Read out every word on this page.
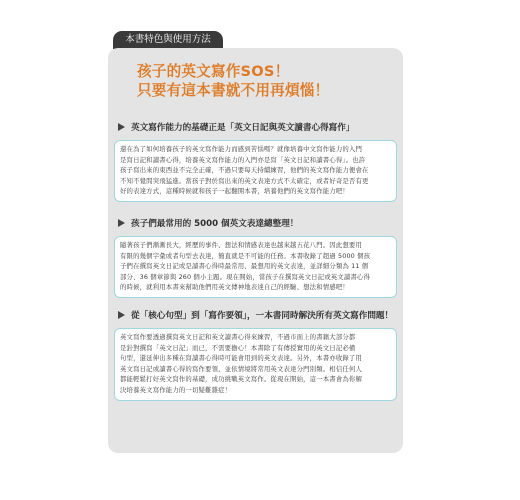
本書特色與使用方法
孩子的英文寫作SOS！
只要有這本書就不用再煩惱！
英文寫作能力的基礎正是「英文日記與英文讀書心得寫作」
還在為了如何培養孩子的英文寫作能力而感到苦惱嗎？就像培養中文寫作能力的入門
是寫日記和讀書心得，培養英文寫作能力的入門亦是寫「英文日記和讀書心得」。也許
孩子寫出來的東西並不完全正確，不過只要每天持續練習，他們的英文寫作能力便會在
不知不覺間突飛猛進。當孩子對於寫出來的英文表達方式不太確定，或者好奇是否有更
好的表達方式，這種時候就和孩子一起翻開本書，培養他們的英文寫作能力吧！
孩子們最常用的 5000 個英文表達總整理！
隨著孩子們漸漸長大，經歷的事件、想法和情感表達也越來越五花八門。因此想要用
有限的幾個字彙或者句型去表達，簡直就是不可能的任務。本書收錄了超過 5000 個孩
子們在撰寫英文日記或是讀書心得時最常用、最想用的英文表達，並詳細分類為 11 個
部分、36 個章節與 260 個小主題。現在開始，當孩子在撰寫英文日記或英文讀書心得
的時候，就利用本書來幫助他們用英文傳神地表達自己的經驗、想法和情感吧！
從「核心句型」到「寫作要領」，一本書同時解決所有英文寫作問題！
英文寫作要透過撰寫英文日記和英文讀書心得來練習，不過市面上的書籍大部分都
是針對撰寫「英文日記」而已，不需要擔心！本書除了有傳授實用的英文日記必備
句型，還延伸出多種在寫讀書心得時可能會用到的英文表達。另外，本書亦收錄了用
英文寫日記或讀書心得的寫作要領，並依情境將常用英文表達分門別類。相信任何人
都能輕鬆打好英文寫作的基礎，成功挑戰英文寫作。從現在開始，這一本書會為你解
決培養英文寫作能力的一切疑難雜症！
